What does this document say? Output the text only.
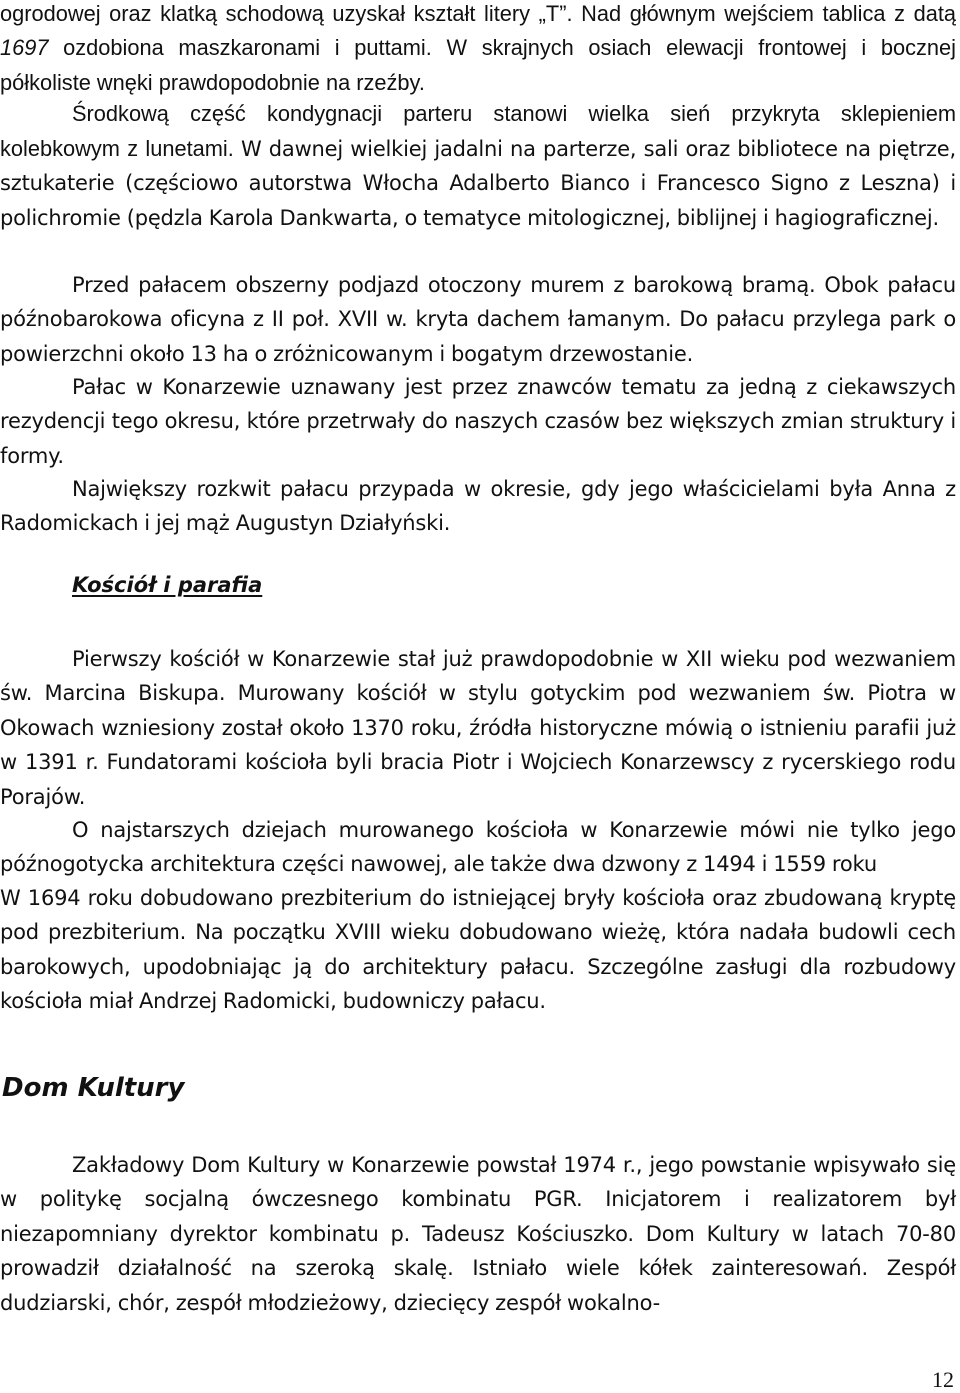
ogrodowej oraz klatką schodową uzyskał kształt litery „T”. Nad głównym wejściem tablica z datą 1697 ozdobiona maszkaronami i puttami. W skrajnych osiach elewacji frontowej i bocznej półkoliste wnęki prawdopodobnie na rzeźby.

Środkową część kondygnacji parteru stanowi wielka sień przykryta sklepieniem kolebkowym z lunetami. W dawnej wielkiej jadalni na parterze, sali oraz bibliotece na piętrze, sztukaterie (częściowo autorstwa Włocha Adalberto Bianco i Francesco Signo z Leszna) i polichromie (pędzla Karola Dankwarta, o tematyce mitologicznej, biblijnej i hagiograficznej.

Przed pałacem obszerny podjazd otoczony murem z barokową bramą. Obok pałacu późnobarokowa oficyna z II poł. XVII w. kryta dachem łamanym. Do pałacu przylega park o powierzchni około 13 ha o zróżnicowanym i bogatym drzewostanie.

Pałac w Konarzewie uznawany jest przez znawców tematu za jedną z ciekawszych rezydencji tego okresu, które przetrwały do naszych czasów bez większych zmian struktury i formy.

Największy rozkwit pałacu przypada w okresie, gdy jego właścicielami była Anna z Radomickach i jej mąż Augustyn Działyński.

Kościół i parafia

Pierwszy kościół w Konarzewie stał już prawdopodobnie w XII wieku pod wezwaniem św. Marcina Biskupa. Murowany kościół w stylu gotyckim pod wezwaniem św. Piotra w Okowach wzniesiony został około 1370 roku, źródła historyczne mówią o istnieniu parafii już w 1391 r. Fundatorami kościoła byli bracia Piotr i Wojciech Konarzewscy z rycerskiego rodu Porajów.

O najstarszych dziejach murowanego kościoła w Konarzewie mówi nie tylko jego późnogotycka architektura części nawowej, ale także dwa dzwony z 1494 i 1559 roku

W 1694 roku dobudowano prezbiterium do istniejącej bryły kościoła oraz zbudowaną kryptę pod prezbiterium. Na początku XVIII wieku dobudowano wieżę, która nadała budowli cech barokowych, upodobniając ją do architektury pałacu. Szczególne zasługi dla rozbudowy kościoła miał Andrzej Radomicki, budowniczy pałacu.

Dom Kultury

Zakładowy Dom Kultury w Konarzewie powstał 1974 r., jego powstanie wpisywało się w politykę socjalną ówczesnego kombinatu PGR. Inicjatorem i realizatorem był niezapomniany dyrektor kombinatu p. Tadeusz Kościuszko. Dom Kultury w latach 70-80 prowadził działalność na szeroką skalę. Istniało wiele kółek zainteresowań. Zespół dudziarski, chór, zespół młodzieżowy, dziecięcy zespół wokalno-

12
